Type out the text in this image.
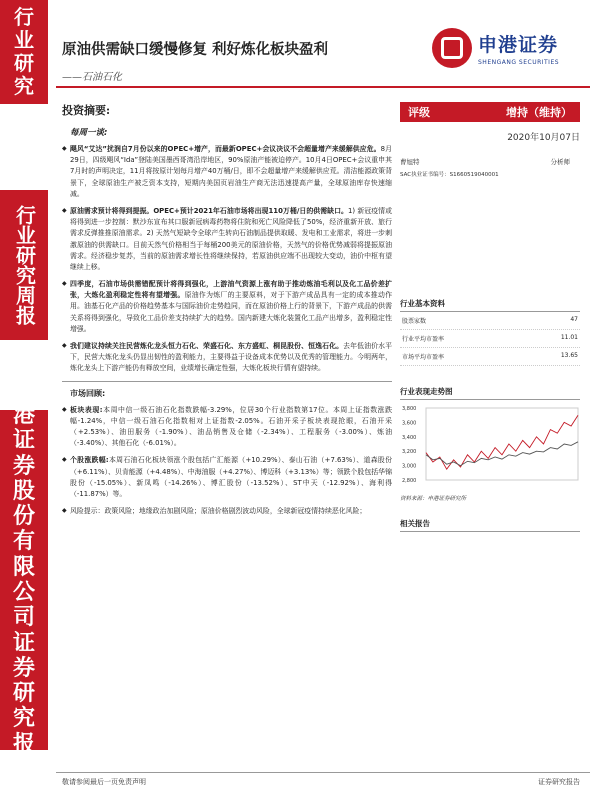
行
业
研
究
行业研究
周报
申
港
证
券
股
份
有
限
公
司
证
券
研
究
报
告
原油供需缺口缓慢修复 利好炼化板块盈利
——石油石化
申港证券
SHENGANG SECURITIES
投资摘要:
每周一谈:
◆ 飓风“艾达”扰润自7月份以来的OPEC+增产，而最新OPEC+会议决议不会超量增产来缓解供应危。8月29日，四级飓风“Ida”登陆美国墨西哥湾沿岸地区，90%原油产能被迫停产。10月4日OPEC+会议重申其7月时的声明决定，11月将按原计划每月增产40万桶/日，即不会超量增产来缓解供应荒。清洁能源政策背景下，全球原油生产被乏资本支持，短期内美国页岩油生产商无法迅速提高产量，全球原油库存快速缩减。
◆ 原油需求预计将得到提振。OPEC+预计2021年石油市场将出现110万桶/日的供需缺口。1) 新冠疫情或将得到进一步控制：默沙东宣布其口服新冠病毒药物将住院和死亡风险降低了50%，经济重新开放、旅行需求反弹推推原油需求。2) 天然气短缺令全球产生转向石油制品提供取暖、发电和工业需求，将进一步刺激原油的供需缺口。目前天然气价格相当于每桶200美元的原油价格，天然气的价格优势减弱将提振原油需求。经济稳步复苏，当前的原油需求增长性将继续保持，若原油供应端不出现较大变动，油价中枢有望继续上移。
◆ 四季度，石油市场供需错配预计将得到强化，上游油气资源上涨有助于推动炼油毛利以及化工品价差扩张，大炼化盈利稳定性将有望增强。原油作为炼厂的主要原料，对于下游产成品具有一定的成本推动作用。油基石化产品的价格趋势基本与国际油价走势趋同，而在原油价格上行的背景下，下游产成品的供需关系将得到强化，导致化工品价差支持续扩大的趋势。国内新建大炼化装置化工品产出增多，盈利稳定性增强。
◆ 我们建议持续关注民营炼化龙头恒力石化、荣盛石化、东方盛虹、桐昆股份、恒逸石化。去年低油价水平下，民营大炼化龙头仍显出韧性的盈利能力，主要得益于设备成本优势以及优秀的管理能力。今明两年，炼化龙头上下游产能仍有释放空间，业绩增长确定性强，大炼化板块行情有望持续。
市场回顾:
◆ 板块表现:本周中信一级石油石化指数跌幅-3.29%，位居30个行业指数第17位。本周上证指数涨跌幅-1.24%，中信一级石油石化指数相对上证指数-2.05%。石油开采子板块表现抢眼，石油开采（+2.53%）、油田服务（-1.90%）、油品销售及仓储（-2.34%）、工程服务（-3.00%）、炼油（-3.40%）、其他石化（-6.01%）。
◆ 个股涨跌幅:本周石油石化板块领涨个股包括广汇能源（+10.29%）、泰山石油（+7.63%）、道森股份（+6.11%）、贝肯能源（+4.48%）、中海油服（+4.27%）、博迈科（+3.13%）等；领跌个股包括华锦股份（-15.05%）、新凤鸣（-14.26%）、博汇股份（-13.52%）、ST中天（-12.92%）、海利得（-11.87%）等。
◆ 风险提示：政策风险；地缘政治加剧风险；原油价格剧烈波动风险，全球新冠疫情持续恶化风险；
评级	增持（维持）
2020年10月07日
曹旭特	分析师
SAC执业证书编号：S1660519040001
行业基本资料
股票家数	47
行业平均市盈率	11.01
市场平均市盈率	13.65
行业表现走势图
3,800
3,600
3,400
3,200
3,000
2,800
资料来源：申港证券研究所
相关报告
敬请参阅最后一页免责声明	证券研究报告
